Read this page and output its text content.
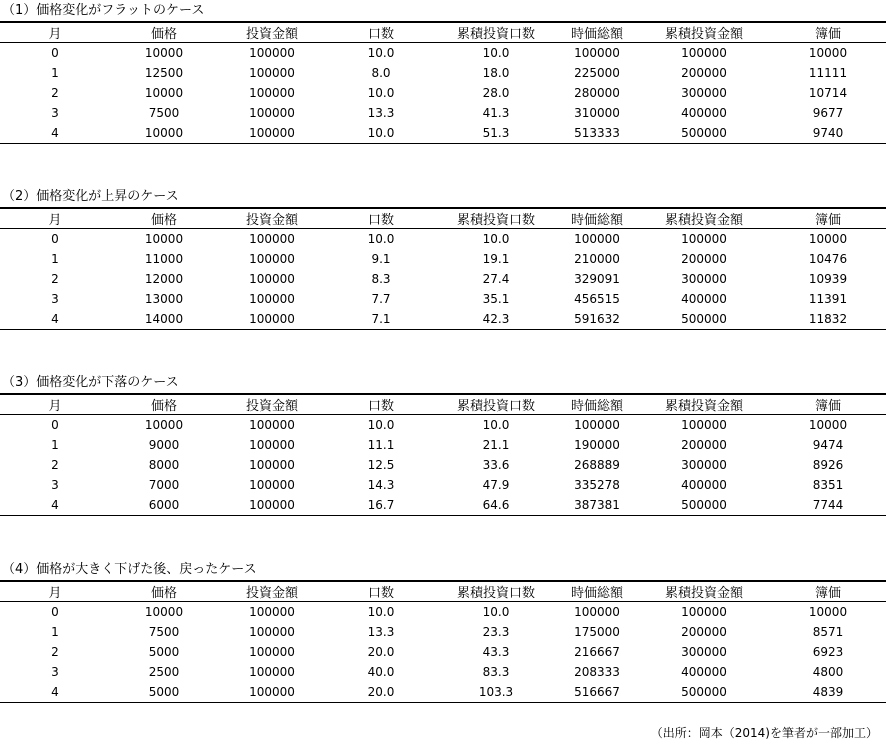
（1）価格変化がフラットのケース
月	価格	投資金額	口数	累積投資口数	時価総額	累積投資金額	簿価
0	10000	100000	10.0	10.0	100000	100000	10000
1	12500	100000	8.0	18.0	225000	200000	11111
2	10000	100000	10.0	28.0	280000	300000	10714
3	7500	100000	13.3	41.3	310000	400000	9677
4	10000	100000	10.0	51.3	513333	500000	9740
（2）価格変化が上昇のケース
月	価格	投資金額	口数	累積投資口数	時価総額	累積投資金額	簿価
0	10000	100000	10.0	10.0	100000	100000	10000
1	11000	100000	9.1	19.1	210000	200000	10476
2	12000	100000	8.3	27.4	329091	300000	10939
3	13000	100000	7.7	35.1	456515	400000	11391
4	14000	100000	7.1	42.3	591632	500000	11832
（3）価格変化が下落のケース
月	価格	投資金額	口数	累積投資口数	時価総額	累積投資金額	簿価
0	10000	100000	10.0	10.0	100000	100000	10000
1	9000	100000	11.1	21.1	190000	200000	9474
2	8000	100000	12.5	33.6	268889	300000	8926
3	7000	100000	14.3	47.9	335278	400000	8351
4	6000	100000	16.7	64.6	387381	500000	7744
（4）価格が大きく下げた後、戻ったケース
月	価格	投資金額	口数	累積投資口数	時価総額	累積投資金額	簿価
0	10000	100000	10.0	10.0	100000	100000	10000
1	7500	100000	13.3	23.3	175000	200000	8571
2	5000	100000	20.0	43.3	216667	300000	6923
3	2500	100000	40.0	83.3	208333	400000	4800
4	5000	100000	20.0	103.3	516667	500000	4839
（出所：岡本（2014)を筆者が一部加工）
